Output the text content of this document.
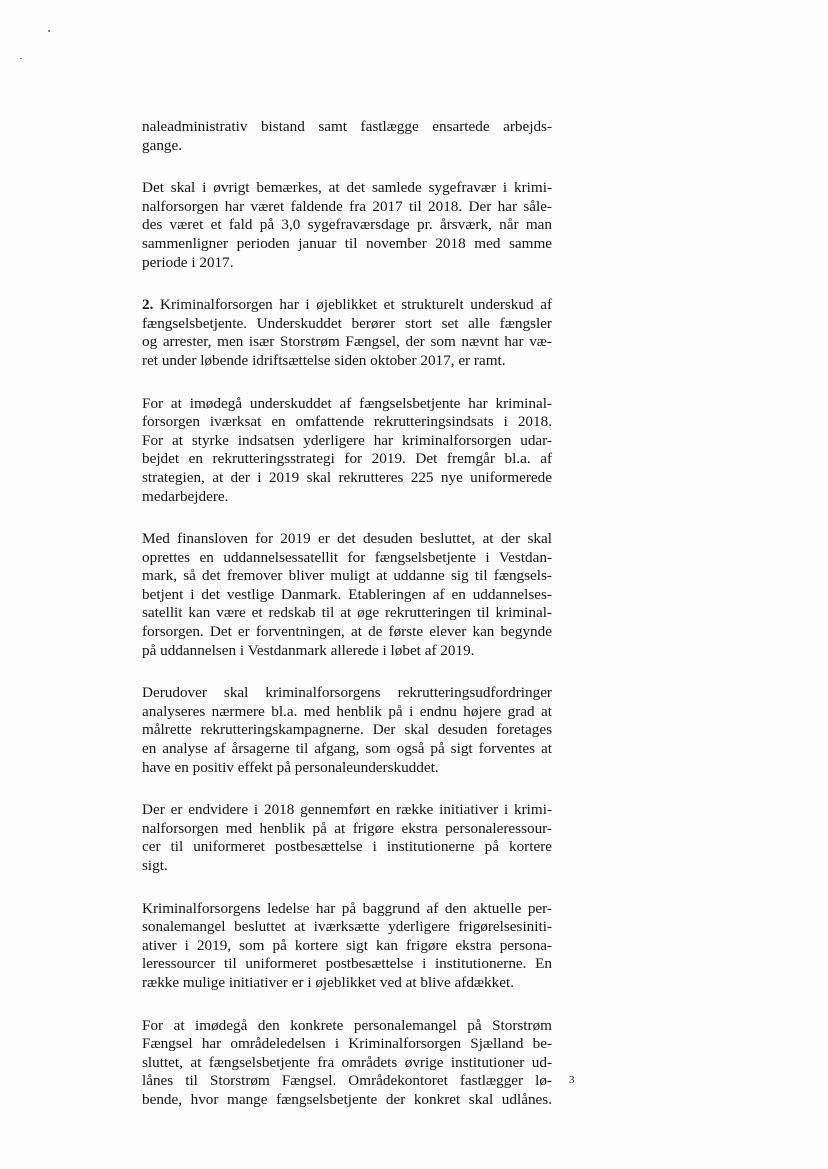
naleadministrativ bistand samt fastlægge ensartede arbejds-
gange.

Det skal i øvrigt bemærkes, at det samlede sygefravær i krimi-
nalforsorgen har været faldende fra 2017 til 2018. Der har såle-
des været et fald på 3,0 sygefraværsdage pr. årsværk, når man
sammenligner perioden januar til november 2018 med samme
periode i 2017.

2. Kriminalforsorgen har i øjeblikket et strukturelt underskud af
fængselsbetjente. Underskuddet berører stort set alle fængsler
og arrester, men især Storstrøm Fængsel, der som nævnt har væ-
ret under løbende idriftsættelse siden oktober 2017, er ramt.

For at imødegå underskuddet af fængselsbetjente har kriminal-
forsorgen iværksat en omfattende rekrutteringsindsats i 2018.
For at styrke indsatsen yderligere har kriminalforsorgen udar-
bejdet en rekrutteringsstrategi for 2019. Det fremgår bl.a. af
strategien, at der i 2019 skal rekrutteres 225 nye uniformerede
medarbejdere.

Med finansloven for 2019 er det desuden besluttet, at der skal
oprettes en uddannelsessatellit for fængselsbetjente i Vestdan-
mark, så det fremover bliver muligt at uddanne sig til fængsels-
betjent i det vestlige Danmark. Etableringen af en uddannelses-
satellit kan være et redskab til at øge rekrutteringen til kriminal-
forsorgen. Det er forventningen, at de første elever kan begynde
på uddannelsen i Vestdanmark allerede i løbet af 2019.

Derudover skal kriminalforsorgens rekrutteringsudfordringer
analyseres nærmere bl.a. med henblik på i endnu højere grad at
målrette rekrutteringskampagnerne. Der skal desuden foretages
en analyse af årsagerne til afgang, som også på sigt forventes at
have en positiv effekt på personaleunderskuddet.

Der er endvidere i 2018 gennemført en række initiativer i krimi-
nalforsorgen med henblik på at frigøre ekstra personaleressour-
cer til uniformeret postbesættelse i institutionerne på kortere
sigt.

Kriminalforsorgens ledelse har på baggrund af den aktuelle per-
sonalemangel besluttet at iværksætte yderligere frigørelsesiniti-
ativer i 2019, som på kortere sigt kan frigøre ekstra persona-
leressourcer til uniformeret postbesættelse i institutionerne. En
række mulige initiativer er i øjeblikket ved at blive afdækket.

For at imødegå den konkrete personalemangel på Storstrøm
Fængsel har områdeledelsen i Kriminalforsorgen Sjælland be-
sluttet, at fængselsbetjente fra områdets øvrige institutioner ud-
lånes til Storstrøm Fængsel. Områdekontoret fastlægger lø-
bende, hvor mange fængselsbetjente der konkret skal udlånes.

3
